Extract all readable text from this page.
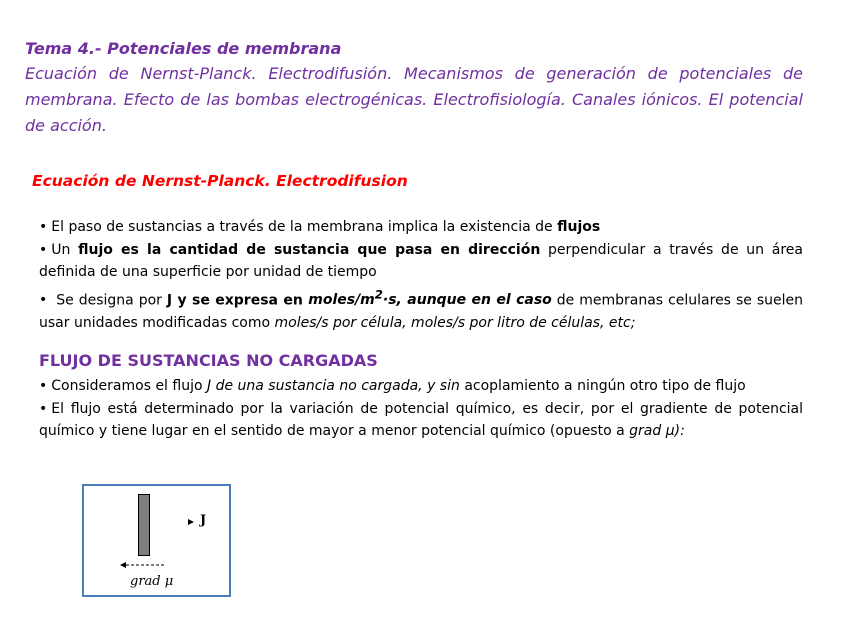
Tema 4.- Potenciales de membrana
Ecuación de Nernst-Planck. Electrodifusión. Mecanismos de generación de potenciales de membrana. Efecto de las bombas electrogénicas. Electrofisiología. Canales iónicos. El potencial de acción.
Ecuación de Nernst-Planck. Electrodifusion

• El paso de sustancias a través de la membrana implica la existencia de flujos

• Un flujo es la cantidad de sustancia que pasa en dirección perpendicular a través de un área definida de una superficie por unidad de tiempo

• Se designa por J y se expresa en moles/$m^2\cdot s$, aunque en el caso de membranas celulares se suelen usar unidades modificadas como moles/s por célula, moles/s por litro de células, etc;

FLUJO DE SUSTANCIAS NO CARGADAS

• Consideramos el flujo J de una sustancia no cargada, y sin acoplamiento a ningún otro tipo de flujo

• El flujo está determinado por la variación de potencial químico, es decir, por el gradiente de potencial químico y tiene lugar en el sentido de mayor a menor potencial químico (opuesto a grad μ):

J
grad μ
